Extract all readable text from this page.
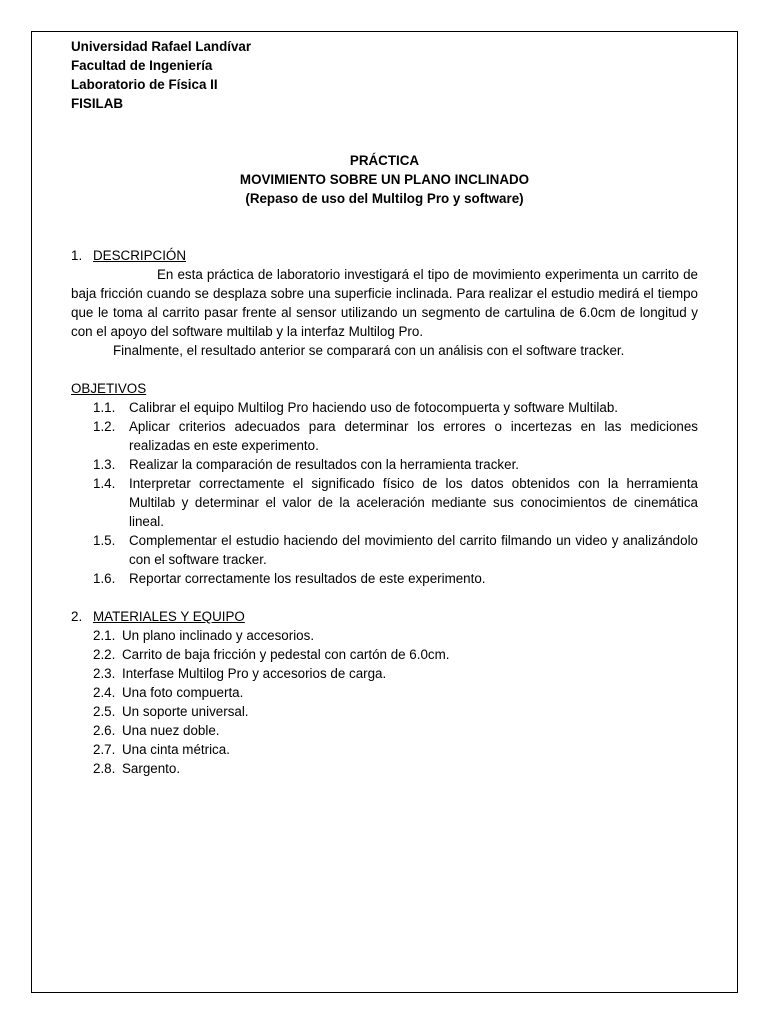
Universidad Rafael Landívar

Facultad de Ingeniería

Laboratorio de Física II

FISILAB

PRÁCTICA

MOVIMIENTO SOBRE UN PLANO INCLINADO

(Repaso de uso del Multilog Pro y software)

1. DESCRIPCIÓN

En esta práctica de laboratorio investigará el tipo de movimiento experimenta un carrito de baja fricción cuando se desplaza sobre una superficie inclinada. Para realizar el estudio medirá el tiempo que le toma al carrito pasar frente al sensor utilizando un segmento de cartulina de 6.0cm de longitud y con el apoyo del software multilab y la interfaz Multilog Pro.

Finalmente, el resultado anterior se comparará con un análisis con el software tracker.

OBJETIVOS

1.1.	Calibrar el equipo Multilog Pro haciendo uso de fotocompuerta y software Multilab.
1.2.	Aplicar criterios adecuados para determinar los errores o incertezas en las mediciones realizadas en este experimento.
1.3.	Realizar la comparación de resultados con la herramienta tracker.
1.4.	Interpretar correctamente el significado físico de los datos obtenidos con la herramienta Multilab y determinar el valor de la aceleración mediante sus conocimientos de cinemática lineal.
1.5.	Complementar el estudio haciendo del movimiento del carrito filmando un video y analizándolo con el software tracker.
1.6.	Reportar correctamente los resultados de este experimento.
2. MATERIALES Y EQUIPO
2.1. Un plano inclinado y accesorios.
2.2. Carrito de baja fricción y pedestal con cartón de 6.0cm.
2.3. Interfase Multilog Pro y accesorios de carga.
2.4. Una foto compuerta.
2.5. Un soporte universal.
2.6. Una nuez doble.
2.7. Una cinta métrica.
2.8. Sargento.
